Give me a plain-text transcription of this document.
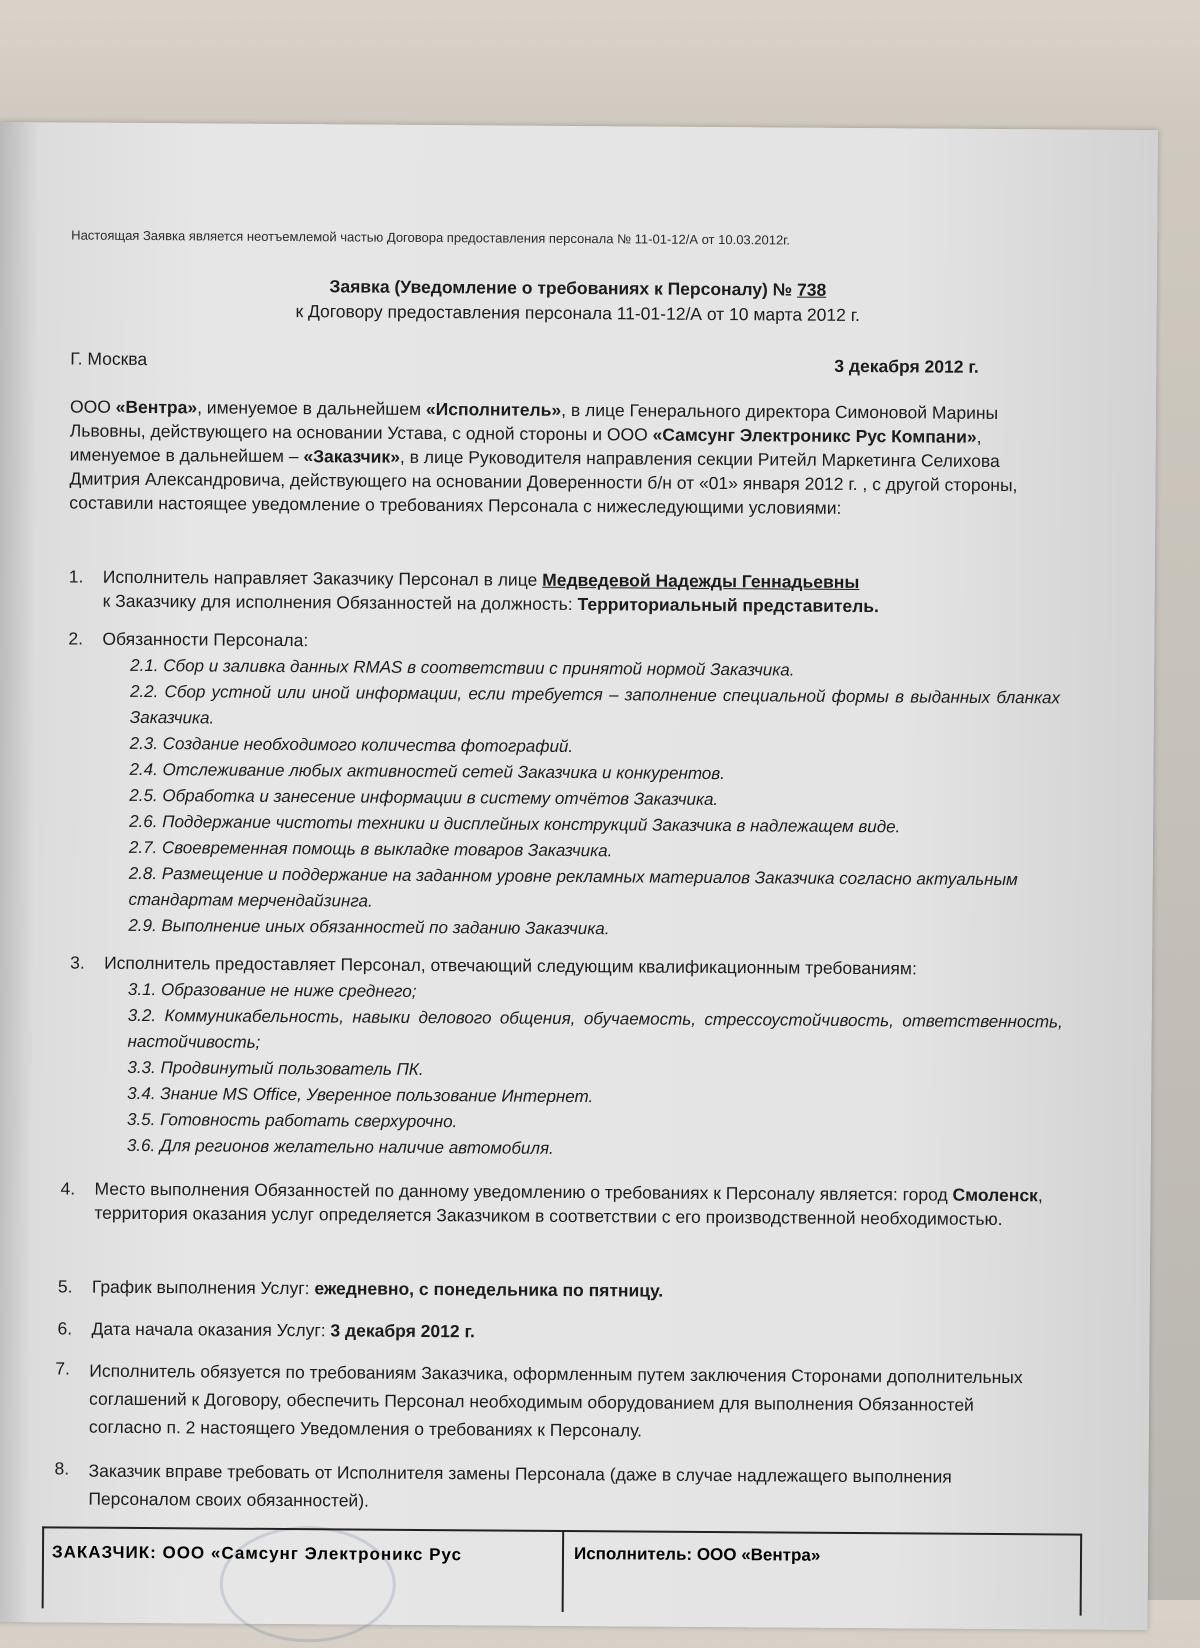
Настоящая Заявка является неотъемлемой частью Договора предоставления персонала № 11-01-12/А от 10.03.2012г.
Заявка (Уведомление о требованиях к Персоналу) № 738
к Договору предоставления персонала 11-01-12/А от 10 марта 2012 г.
Г. Москва	3 декабря 2012 г.
ООО «Вентра», именуемое в дальнейшем «Исполнитель», в лице Генерального директора Симоновой Марины Львовны, действующего на основании Устава, с одной стороны и ООО «Самсунг Электроникс Рус Компани», именуемое в дальнейшем – «Заказчик», в лице Руководителя направления секции Ритейл Маркетинга Селихова Дмитрия Александровича, действующего на основании Доверенности б/н от «01» января 2012 г. , с другой стороны, составили настоящее уведомление о требованиях Персонала с нижеследующими условиями:
1. Исполнитель направляет Заказчику Персонал в лице Медведевой Надежды Геннадьевны
к Заказчику для исполнения Обязанностей на должность: Территориальный представитель.
2. Обязанности Персонала:
2.1. Сбор и заливка данных RMAS в соответствии с принятой нормой Заказчика.
2.2. Сбор устной или иной информации, если требуется – заполнение специальной формы в выданных бланках Заказчика.
2.3. Создание необходимого количества фотографий.
2.4. Отслеживание любых активностей сетей Заказчика и конкурентов.
2.5. Обработка и занесение информации в систему отчётов Заказчика.
2.6. Поддержание чистоты техники и дисплейных конструкций Заказчика в надлежащем виде.
2.7. Своевременная помощь в выкладке товаров Заказчика.
2.8. Размещение и поддержание на заданном уровне рекламных материалов Заказчика согласно актуальным стандартам мерчендайзинга.
2.9. Выполнение иных обязанностей по заданию Заказчика.
3. Исполнитель предоставляет Персонал, отвечающий следующим квалификационным требованиям:
3.1. Образование не ниже среднего;
3.2. Коммуникабельность, навыки делового общения, обучаемость, стрессоустойчивость, ответственность, настойчивость;
3.3. Продвинутый пользователь ПК.
3.4. Знание MS Office, Уверенное пользование Интернет.
3.5. Готовность работать сверхурочно.
3.6. Для регионов желательно наличие автомобиля.
4. Место выполнения Обязанностей по данному уведомлению о требованиях к Персоналу является: город Смоленск, территория оказания услуг определяется Заказчиком в соответствии с его производственной необходимостью.
5. График выполнения Услуг: ежедневно, с понедельника по пятницу.
6. Дата начала оказания Услуг: 3 декабря 2012 г.
7. Исполнитель обязуется по требованиям Заказчика, оформленным путем заключения Сторонами дополнительных соглашений к Договору, обеспечить Персонал необходимым оборудованием для выполнения Обязанностей согласно п. 2 настоящего Уведомления о требованиях к Персоналу.
8. Заказчик вправе требовать от Исполнителя замены Персонала (даже в случае надлежащего выполнения Персоналом своих обязанностей).
ЗАКАЗЧИК: ООО «Самсунг Электроникс Рус	Исполнитель: ООО «Вентра»
